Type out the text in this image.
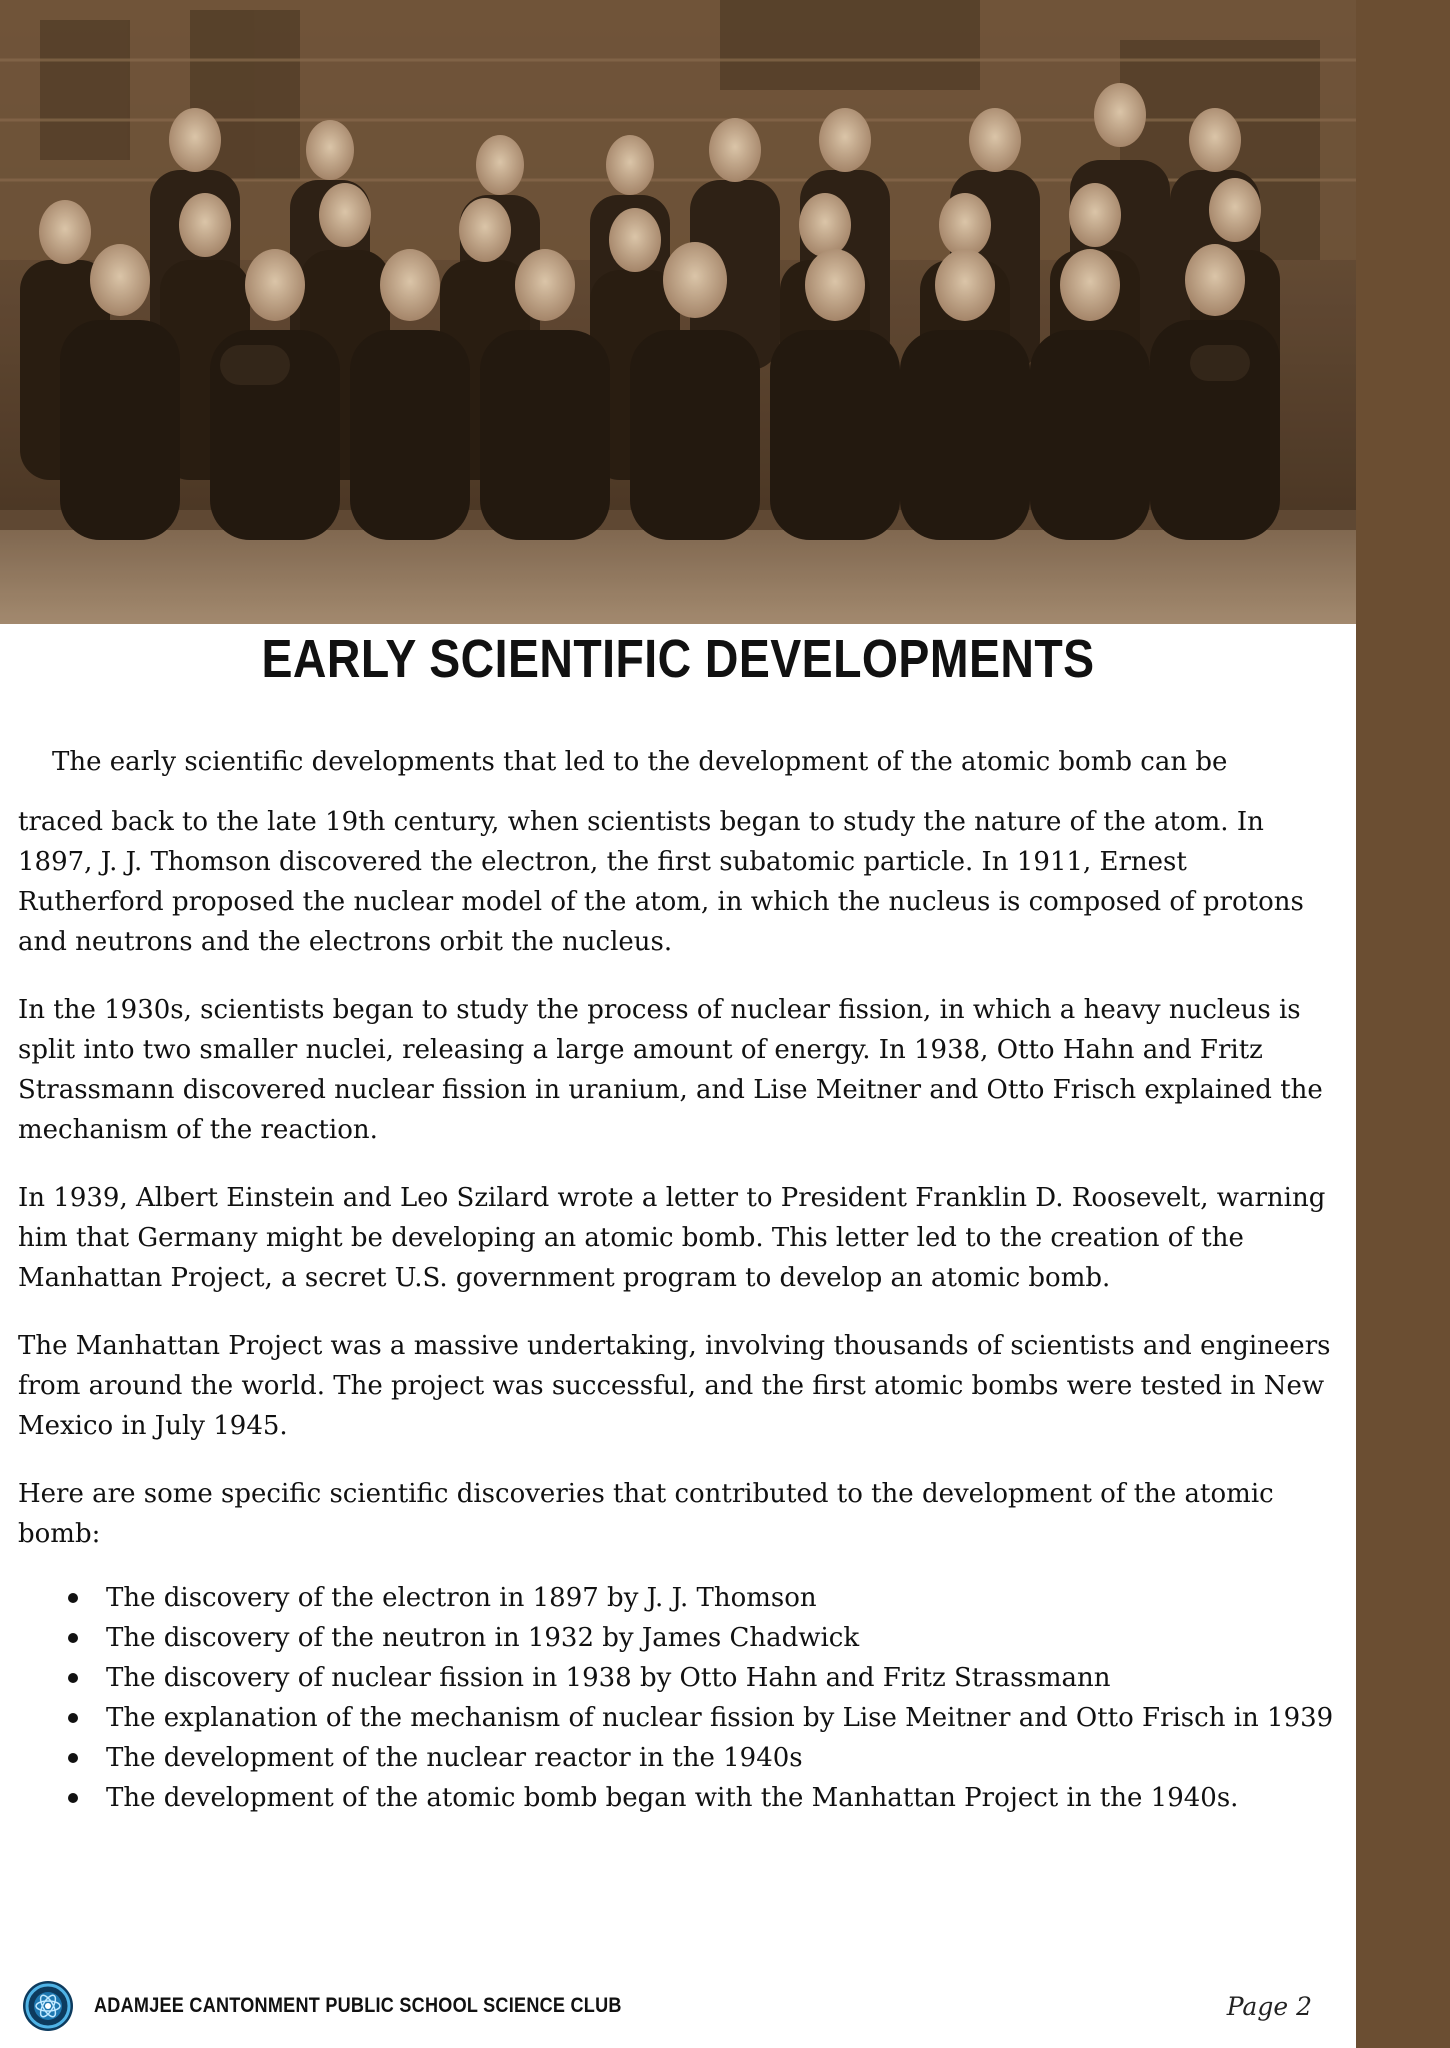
EARLY SCIENTIFIC DEVELOPMENTS

The early scientific developments that led to the development of the atomic bomb can be

traced back to the late 19th century, when scientists began to study the nature of the atom. In 1897, J. J. Thomson discovered the electron, the first subatomic particle. In 1911, Ernest Rutherford proposed the nuclear model of the atom, in which the nucleus is composed of protons and neutrons and the electrons orbit the nucleus.

In the 1930s, scientists began to study the process of nuclear fission, in which a heavy nucleus is split into two smaller nuclei, releasing a large amount of energy. In 1938, Otto Hahn and Fritz Strassmann discovered nuclear fission in uranium, and Lise Meitner and Otto Frisch explained the mechanism of the reaction.

In 1939, Albert Einstein and Leo Szilard wrote a letter to President Franklin D. Roosevelt, warning him that Germany might be developing an atomic bomb. This letter led to the creation of the Manhattan Project, a secret U.S. government program to develop an atomic bomb.

The Manhattan Project was a massive undertaking, involving thousands of scientists and engineers from around the world. The project was successful, and the first atomic bombs were tested in New Mexico in July 1945.

Here are some specific scientific discoveries that contributed to the development of the atomic bomb:

The discovery of the electron in 1897 by J. J. Thomson
The discovery of the neutron in 1932 by James Chadwick
The discovery of nuclear fission in 1938 by Otto Hahn and Fritz Strassmann
The explanation of the mechanism of nuclear fission by Lise Meitner and Otto Frisch in 1939
The development of the nuclear reactor in the 1940s
The development of the atomic bomb began with the Manhattan Project in the 1940s.
ADAMJEE CANTONMENT PUBLIC SCHOOL SCIENCE CLUB	Page 2
